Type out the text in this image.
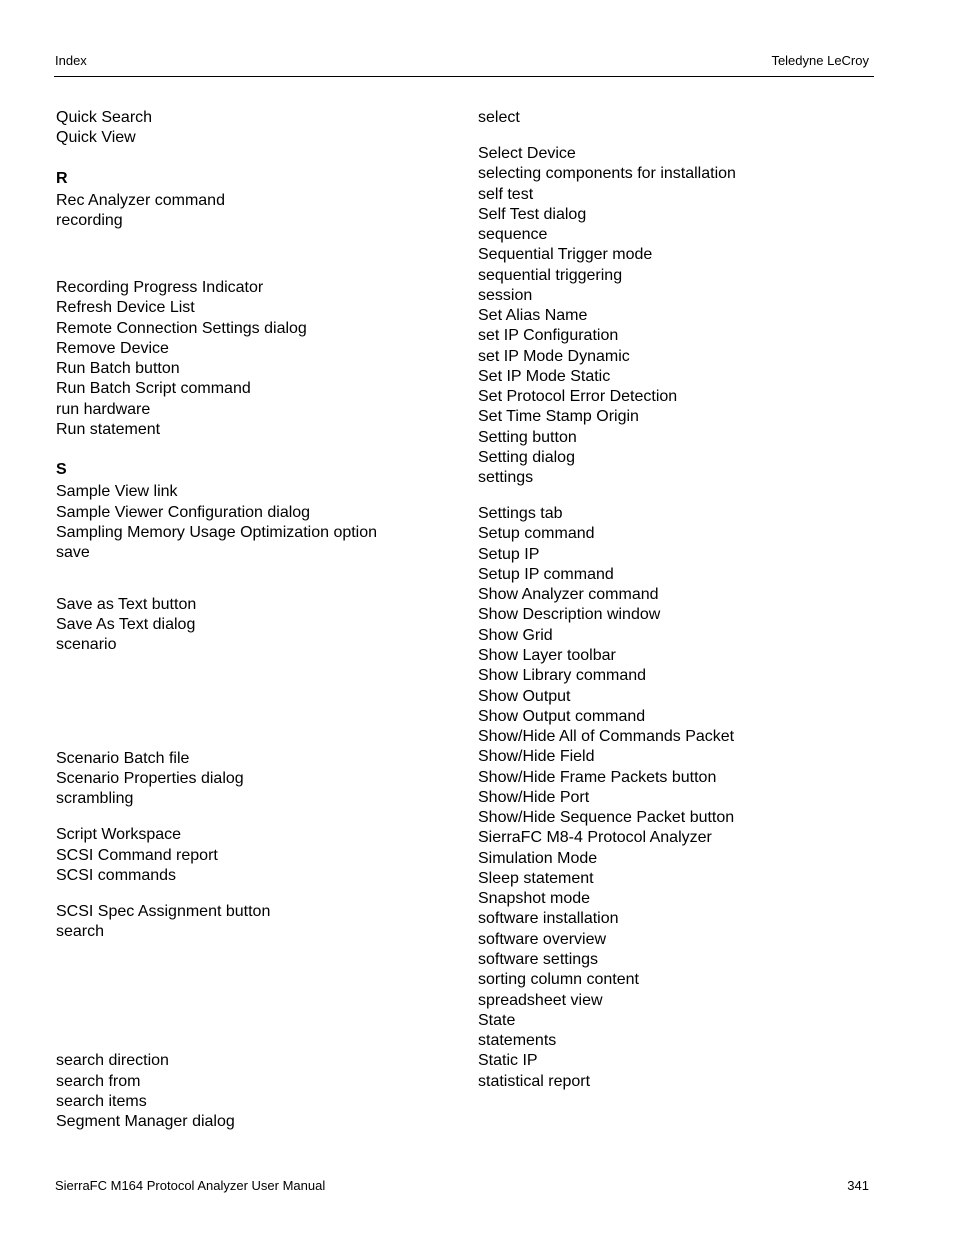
Index	Teledyne LeCroy
Quick Search
Quick View
R
Rec Analyzer command
recording
Recording Progress Indicator
Refresh Device List
Remote Connection Settings dialog
Remove Device
Run Batch button
Run Batch Script command
run hardware
Run statement
S
Sample View link
Sample Viewer Configuration dialog
Sampling Memory Usage Optimization option
save
Save as Text button
Save As Text dialog
scenario
Scenario Batch file
Scenario Properties dialog
scrambling
Script Workspace
SCSI Command report
SCSI commands
SCSI Spec Assignment button
search
search direction
search from
search items
Segment Manager dialog
select
Select Device
selecting components for installation
self test
Self Test dialog
sequence
Sequential Trigger mode
sequential triggering
session
Set Alias Name
set IP Configuration
set IP Mode Dynamic
Set IP Mode Static
Set Protocol Error Detection
Set Time Stamp Origin
Setting button
Setting dialog
settings
Settings tab
Setup command
Setup IP
Setup IP command
Show Analyzer command
Show Description window
Show Grid
Show Layer toolbar
Show Library command
Show Output
Show Output command
Show/Hide All of Commands Packet
Show/Hide Field
Show/Hide Frame Packets button
Show/Hide Port
Show/Hide Sequence Packet button
SierraFC M8-4 Protocol Analyzer
Simulation Mode
Sleep statement
Snapshot mode
software installation
software overview
software settings
sorting column content
spreadsheet view
State
statements
Static IP
statistical report
SierraFC M164 Protocol Analyzer User Manual	341
